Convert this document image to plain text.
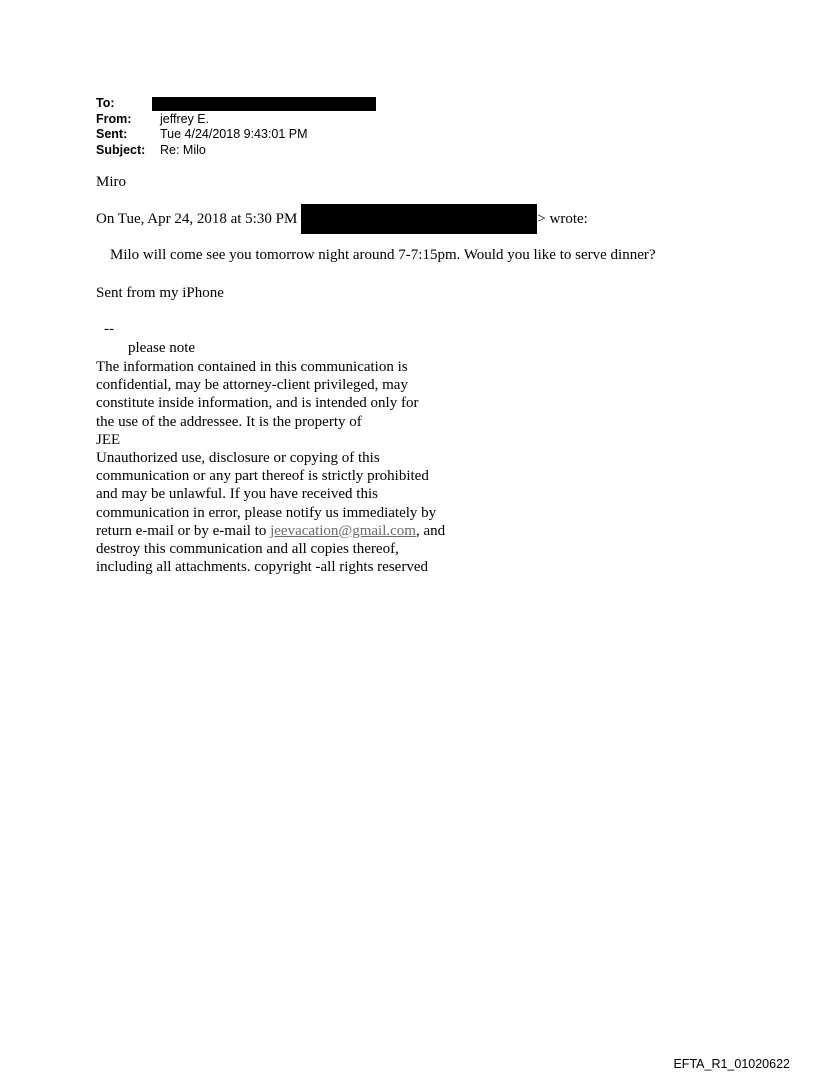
To:
From:	jeffrey E.
Sent:	Tue 4/24/2018 9:43:01 PM
Subject:	Re: Milo
Miro
On Tue, Apr 24, 2018 at 5:30 PM	> wrote:
Milo will come see you tomorrow night around 7-7:15pm. Would you like to serve dinner?
Sent from my iPhone
--
please note
The information contained in this communication is
confidential, may be attorney-client privileged, may
constitute inside information, and is intended only for
the use of the addressee. It is the property of
JEE
Unauthorized use, disclosure or copying of this
communication or any part thereof is strictly prohibited
and may be unlawful. If you have received this
communication in error, please notify us immediately by
return e-mail or by e-mail to jeevacation@gmail.com, and
destroy this communication and all copies thereof,
including all attachments. copyright -all rights reserved
EFTA_R1_01020622
